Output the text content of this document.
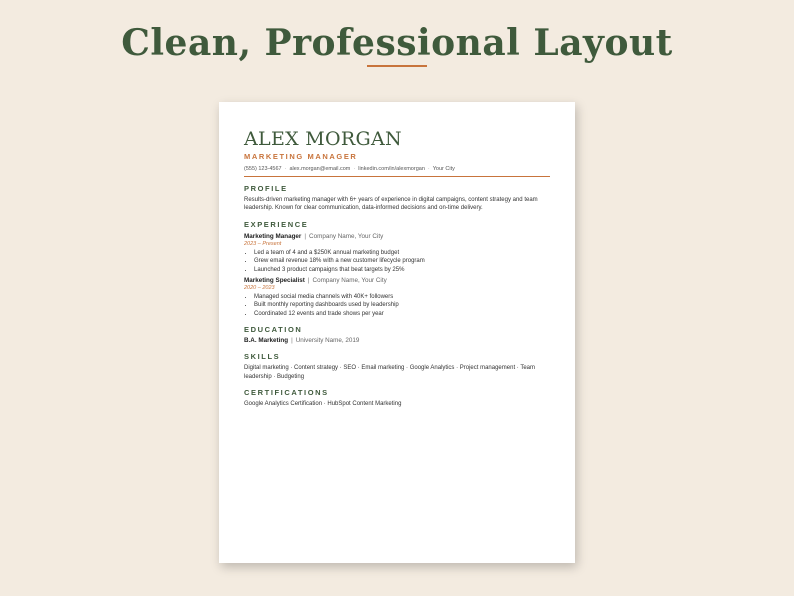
Clean, Professional Layout
ALEX MORGAN
MARKETING MANAGER
(555) 123-4567 · alex.morgan@email.com · linkedin.com/in/alexmorgan · Your City
PROFILE
Results-driven marketing manager with 6+ years of experience in digital campaigns, content strategy and team leadership. Known for clear communication, data-informed decisions and on-time delivery.
EXPERIENCE
Marketing Manager | Company Name, Your City
2023 – Present
• Led a team of 4 and a $250K annual marketing budget
• Grew email revenue 18% with a new customer lifecycle program
• Launched 3 product campaigns that beat targets by 25%
Marketing Specialist | Company Name, Your City
2020 – 2023
• Managed social media channels with 40K+ followers
• Built monthly reporting dashboards used by leadership
• Coordinated 12 events and trade shows per year
EDUCATION
B.A. Marketing | University Name, 2019
SKILLS
Digital marketing · Content strategy · SEO · Email marketing · Google Analytics · Project management · Team leadership · Budgeting
CERTIFICATIONS
Google Analytics Certification · HubSpot Content Marketing
